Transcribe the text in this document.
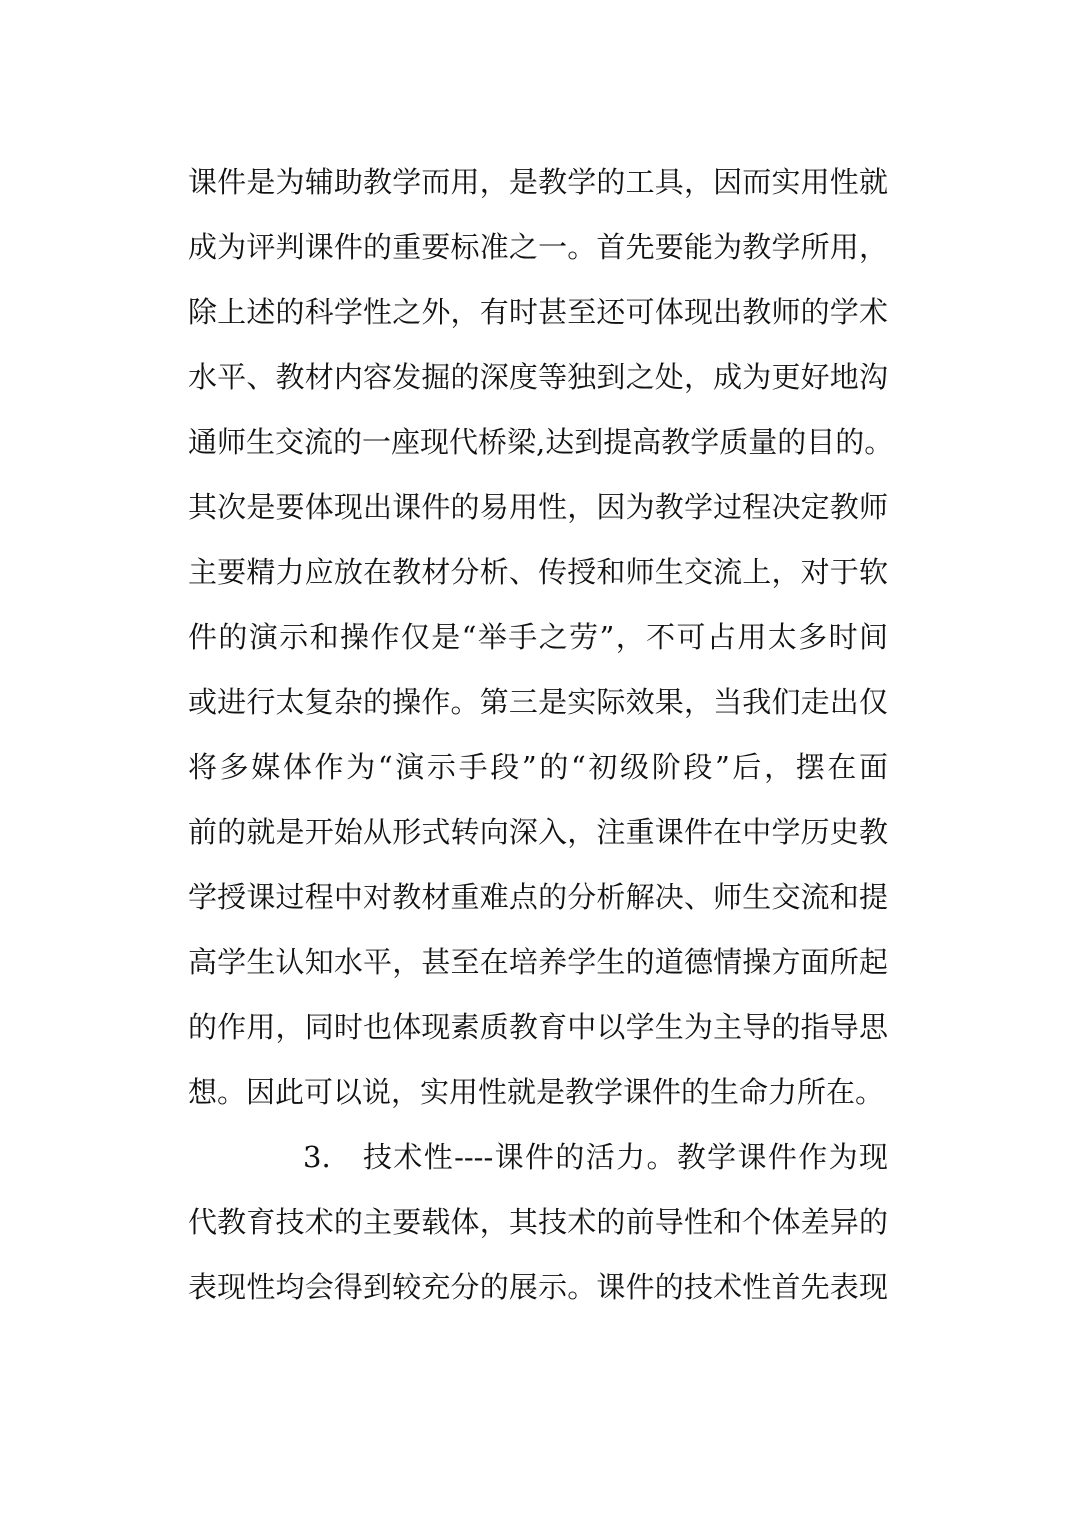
课件是为辅助教学而用，是教学的工具，因而实用性就
成为评判课件的重要标准之一。首先要能为教学所用，
除上述的科学性之外，有时甚至还可体现出教师的学术
水平、教材内容发掘的深度等独到之处，成为更好地沟
通师生交流的一座现代桥梁,达到提高教学质量的目的。
其次是要体现出课件的易用性，因为教学过程决定教师
主要精力应放在教材分析、传授和师生交流上，对于软
件的演示和操作仅是“举手之劳”，不可占用太多时间
或进行太复杂的操作。第三是实际效果，当我们走出仅
将多媒体作为“演示手段”的“初级阶段”后，摆在面
前的就是开始从形式转向深入，注重课件在中学历史教
学授课过程中对教材重难点的分析解决、师生交流和提
高学生认知水平，甚至在培养学生的道德情操方面所起
的作用，同时也体现素质教育中以学生为主导的指导思
想。因此可以说，实用性就是教学课件的生命力所在。
3. 技术性----课件的活力。教学课件作为现
代教育技术的主要载体，其技术的前导性和个体差异的
表现性均会得到较充分的展示。课件的技术性首先表现
